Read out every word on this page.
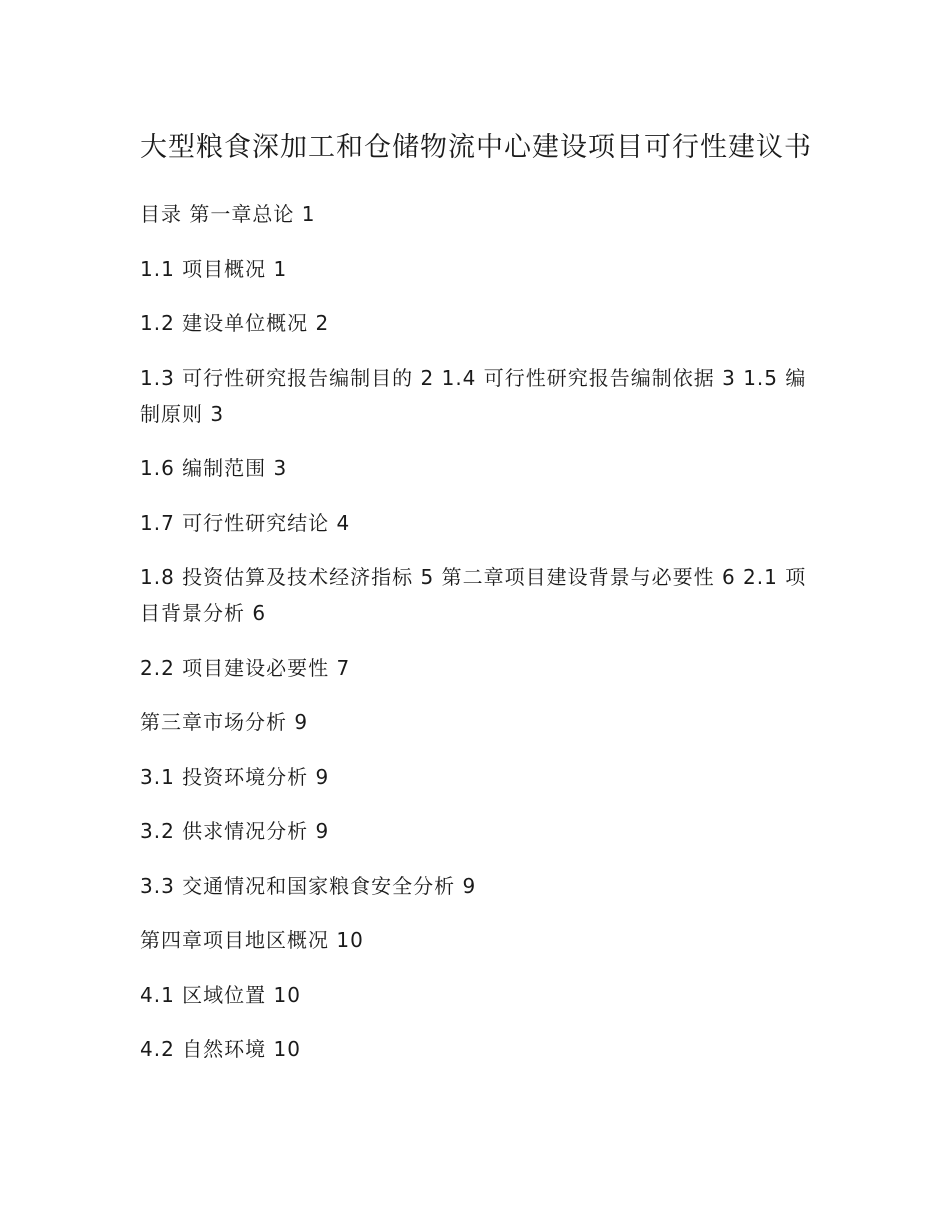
大型粮食深加工和仓储物流中心建设项目可行性建议书

目录 第一章总论 1

1.1 项目概况 1

1.2 建设单位概况 2

1.3 可行性研究报告编制目的 2 1.4 可行性研究报告编制依据 3 1.5 编制原则 3

1.6 编制范围 3

1.7 可行性研究结论 4

1.8 投资估算及技术经济指标 5 第二章项目建设背景与必要性 6 2.1 项目背景分析 6

2.2 项目建设必要性 7

第三章市场分析 9

3.1 投资环境分析 9

3.2 供求情况分析 9

3.3 交通情况和国家粮食安全分析 9

第四章项目地区概况 10

4.1 区域位置 10

4.2 自然环境 10
